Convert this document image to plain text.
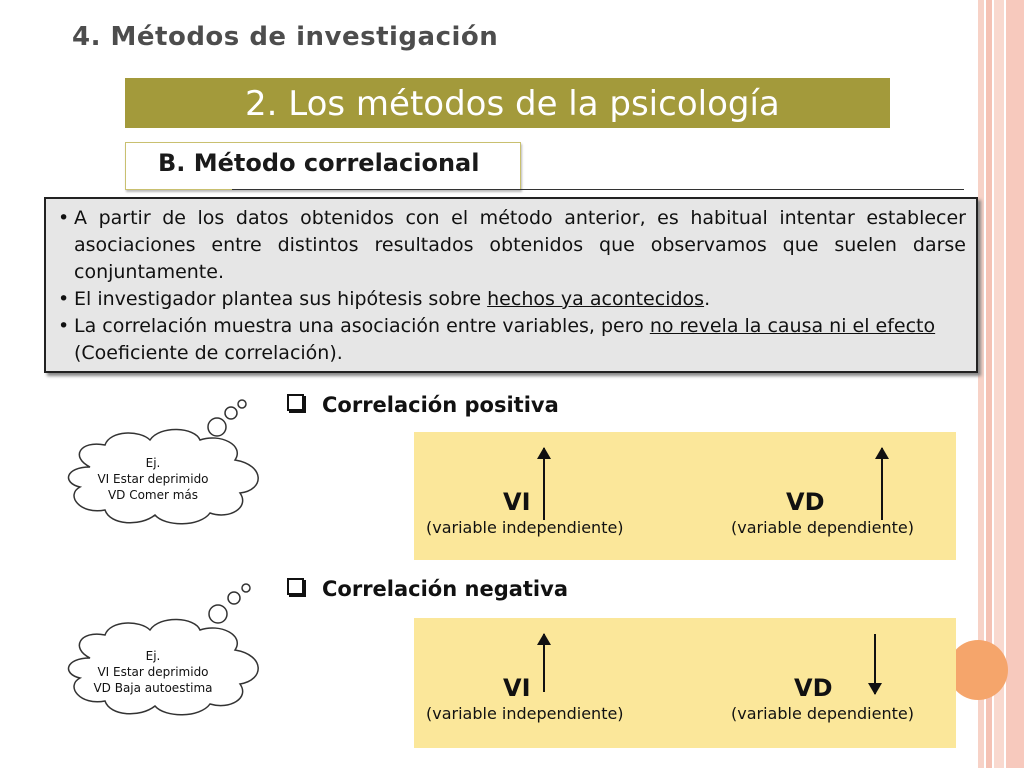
4. Métodos de investigación
2. Los métodos de la psicología
B. Método correlacional
• A partir de los datos obtenidos con el método anterior, es habitual intentar establecer asociaciones entre distintos resultados obtenidos que observamos que suelen darse conjuntamente.
• El investigador plantea sus hipótesis sobre hechos ya acontecidos.
• La correlación muestra una asociación entre variables, pero no revela la causa ni el efecto (Coeficiente de correlación).
Correlación positiva
Ej.
VI Estar deprimido
VD Comer más	VI
(variable independiente)
VD
(variable dependiente)
Correlación negativa
Ej.
VI Estar deprimido
VD Baja autoestima	VI
(variable independiente)
VD
(variable dependiente)
